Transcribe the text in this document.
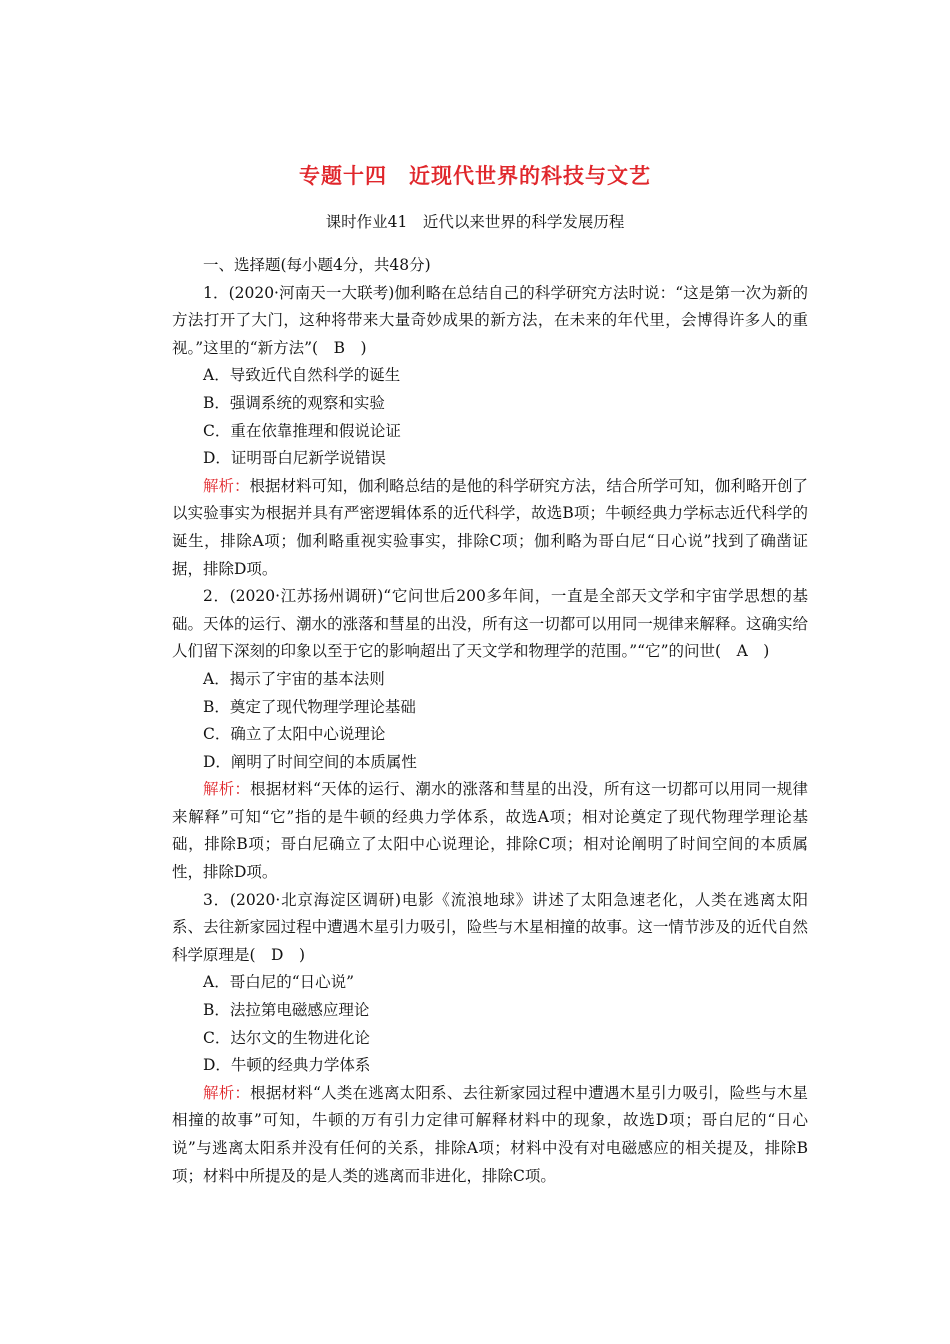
专题十四　近现代世界的科技与文艺
课时作业41　近代以来世界的科学发展历程

一、选择题(每小题4分，共48分)

1．(2020·河南天一大联考)伽利略在总结自己的科学研究方法时说：“这是第一次为新的方法打开了大门，这种将带来大量奇妙成果的新方法，在未来的年代里，会博得许多人的重视。”这里的“新方法”(　B　)

A．导致近代自然科学的诞生

B．强调系统的观察和实验

C．重在依靠推理和假说论证

D．证明哥白尼新学说错误

解析：根据材料可知，伽利略总结的是他的科学研究方法，结合所学可知，伽利略开创了以实验事实为根据并具有严密逻辑体系的近代科学，故选B项；牛顿经典力学标志近代科学的诞生，排除A项；伽利略重视实验事实，排除C项；伽利略为哥白尼“日心说”找到了确凿证据，排除D项。

2．(2020·江苏扬州调研)“它问世后200多年间，一直是全部天文学和宇宙学思想的基础。天体的运行、潮水的涨落和彗星的出没，所有这一切都可以用同一规律来解释。这确实给人们留下深刻的印象以至于它的影响超出了天文学和物理学的范围。”“它”的问世(　A　)

A．揭示了宇宙的基本法则

B．奠定了现代物理学理论基础

C．确立了太阳中心说理论

D．阐明了时间空间的本质属性

解析：根据材料“天体的运行、潮水的涨落和彗星的出没，所有这一切都可以用同一规律来解释”可知“它”指的是牛顿的经典力学体系，故选A项；相对论奠定了现代物理学理论基础，排除B项；哥白尼确立了太阳中心说理论，排除C项；相对论阐明了时间空间的本质属性，排除D项。

3．(2020·北京海淀区调研)电影《流浪地球》讲述了太阳急速老化，人类在逃离太阳系、去往新家园过程中遭遇木星引力吸引，险些与木星相撞的故事。这一情节涉及的近代自然科学原理是(　D　)

A．哥白尼的“日心说”

B．法拉第电磁感应理论

C．达尔文的生物进化论

D．牛顿的经典力学体系

解析：根据材料“人类在逃离太阳系、去往新家园过程中遭遇木星引力吸引，险些与木星相撞的故事”可知，牛顿的万有引力定律可解释材料中的现象，故选D项；哥白尼的“日心说”与逃离太阳系并没有任何的关系，排除A项；材料中没有对电磁感应的相关提及，排除B项；材料中所提及的是人类的逃离而非进化，排除C项。
